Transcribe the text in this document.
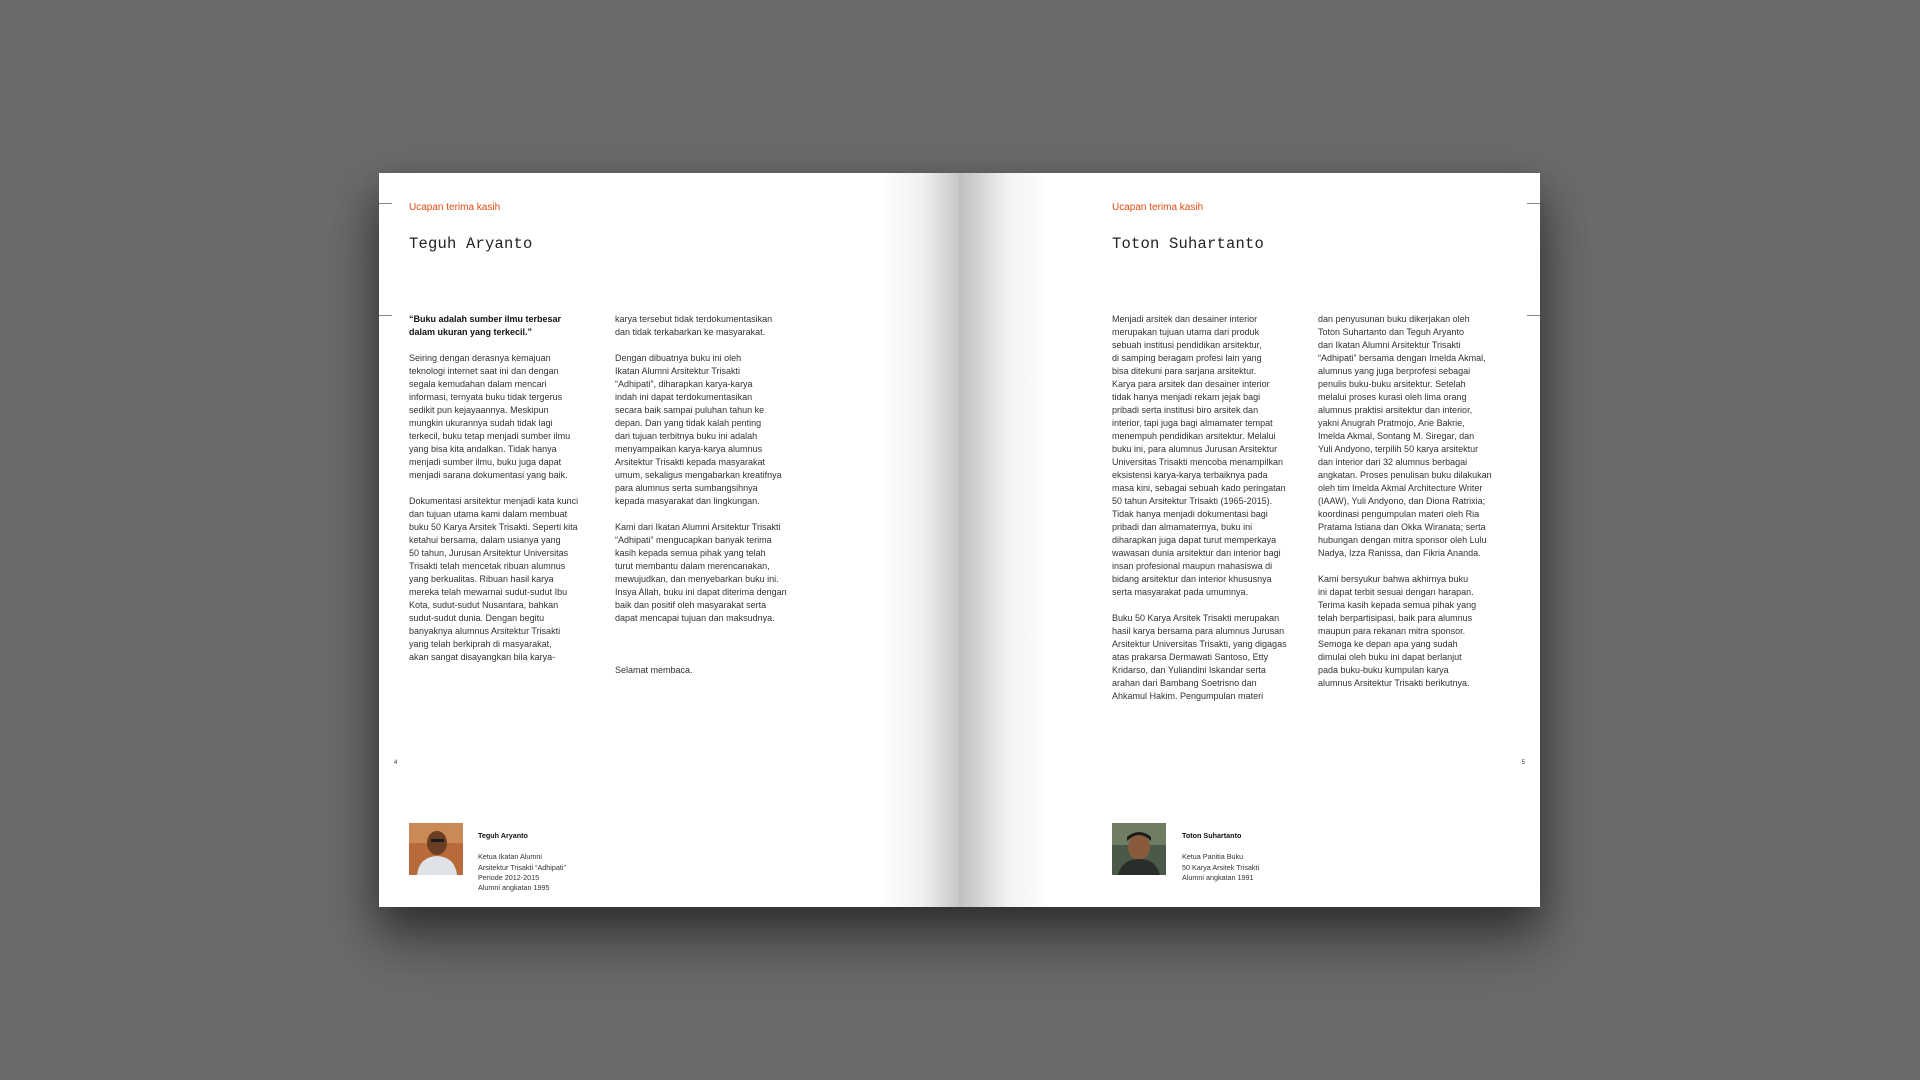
Ucapan terima kasih
Teguh Aryanto

“Buku adalah sumber ilmu terbesar
dalam ukuran yang terkecil.”

Seiring dengan derasnya kemajuan
teknologi internet saat ini dan dengan
segala kemudahan dalam mencari
informasi, ternyata buku tidak tergerus
sedikit pun kejayaannya. Meskipun
mungkin ukurannya sudah tidak lagi
terkecil, buku tetap menjadi sumber ilmu
yang bisa kita andalkan. Tidak hanya
menjadi sumber ilmu, buku juga dapat
menjadi sarana dokumentasi yang baik.

Dokumentasi arsitektur menjadi kata kunci
dan tujuan utama kami dalam membuat
buku 50 Karya Arsitek Trisakti. Seperti kita
ketahui bersama, dalam usianya yang
50 tahun, Jurusan Arsitektur Universitas
Trisakti telah mencetak ribuan alumnus
yang berkualitas. Ribuan hasil karya
mereka telah mewarnai sudut-sudut Ibu
Kota, sudut-sudut Nusantara, bahkan
sudut-sudut dunia. Dengan begitu
banyaknya alumnus Arsitektur Trisakti
yang telah berkiprah di masyarakat,
akan sangat disayangkan bila karya-

karya tersebut tidak terdokumentasikan
dan tidak terkabarkan ke masyarakat.

Dengan dibuatnya buku ini oleh
Ikatan Alumni Arsitektur Trisakti
“Adhipati”, diharapkan karya-karya
indah ini dapat terdokumentasikan
secara baik sampai puluhan tahun ke
depan. Dan yang tidak kalah penting
dari tujuan terbitnya buku ini adalah
menyampaikan karya-karya alumnus
Arsitektur Trisakti kepada masyarakat
umum, sekaligus mengabarkan kreatifnya
para alumnus serta sumbangsihnya
kepada masyarakat dan lingkungan.

Kami dari Ikatan Alumni Arsitektur Trisakti
“Adhipati” mengucapkan banyak terima
kasih kepada semua pihak yang telah
turut membantu dalam merencanakan,
mewujudkan, dan menyebarkan buku ini.
Insya Allah, buku ini dapat diterima dengan
baik dan positif oleh masyarakat serta
dapat mencapai tujuan dan maksudnya.

Selamat membaca.

4

Teguh Aryanto

Ketua Ikatan Alumni
Arsitektur Trisakti “Adhipati”
Periode 2012-2015
Alumni angkatan 1995

Ucapan terima kasih
Toton Suhartanto

Menjadi arsitek dan desainer interior
merupakan tujuan utama dari produk
sebuah institusi pendidikan arsitektur,
di samping beragam profesi lain yang
bisa ditekuni para sarjana arsitektur.
Karya para arsitek dan desainer interior
tidak hanya menjadi rekam jejak bagi
pribadi serta institusi biro arsitek dan
interior, tapi juga bagi almamater tempat
menempuh pendidikan arsitektur. Melalui
buku ini, para alumnus Jurusan Arsitektur
Universitas Trisakti mencoba menampilkan
eksistensi karya-karya terbaiknya pada
masa kini, sebagai sebuah kado peringatan
50 tahun Arsitektur Trisakti (1965-2015).
Tidak hanya menjadi dokumentasi bagi
pribadi dan almamaternya, buku ini
diharapkan juga dapat turut memperkaya
wawasan dunia arsitektur dan interior bagi
insan profesional maupun mahasiswa di
bidang arsitektur dan interior khususnya
serta masyarakat pada umumnya.

Buku 50 Karya Arsitek Trisakti merupakan
hasil karya bersama para alumnus Jurusan
Arsitektur Universitas Trisakti, yang digagas
atas prakarsa Dermawati Santoso, Etty
Kridarso, dan Yuliandini Iskandar serta
arahan dari Bambang Soetrisno dan
Ahkamul Hakim. Pengumpulan materi

dan penyusunan buku dikerjakan oleh
Toton Suhartanto dan Teguh Aryanto
dari Ikatan Alumni Arsitektur Trisakti
“Adhipati” bersama dengan Imelda Akmal,
alumnus yang juga berprofesi sebagai
penulis buku-buku arsitektur. Setelah
melalui proses kurasi oleh lima orang
alumnus praktisi arsitektur dan interior,
yakni Anugrah Pratmojo, Arie Bakrie,
Imelda Akmal, Sontang M. Siregar, dan
Yuli Andyono, terpilih 50 karya arsitektur
dan interior dari 32 alumnus berbagai
angkatan. Proses penulisan buku dilakukan
oleh tim Imelda Akmal Architecture Writer
(IAAW), Yuli Andyono, dan Diona Ratrixia;
koordinasi pengumpulan materi oleh Ria
Pratama Istiana dan Okka Wiranata; serta
hubungan dengan mitra sponsor oleh Lulu
Nadya, Izza Ranissa, dan Fikria Ananda.

Kami bersyukur bahwa akhirnya buku
ini dapat terbit sesuai dengan harapan.
Terima kasih kepada semua pihak yang
telah berpartisipasi, baik para alumnus
maupun para rekanan mitra sponsor.
Semoga ke depan apa yang sudah
dimulai oleh buku ini dapat berlanjut
pada buku-buku kumpulan karya
alumnus Arsitektur Trisakti berikutnya.

5

Toton Suhartanto

Ketua Panitia Buku
50 Karya Arsitek Trisakti
Alumni angkatan 1991
